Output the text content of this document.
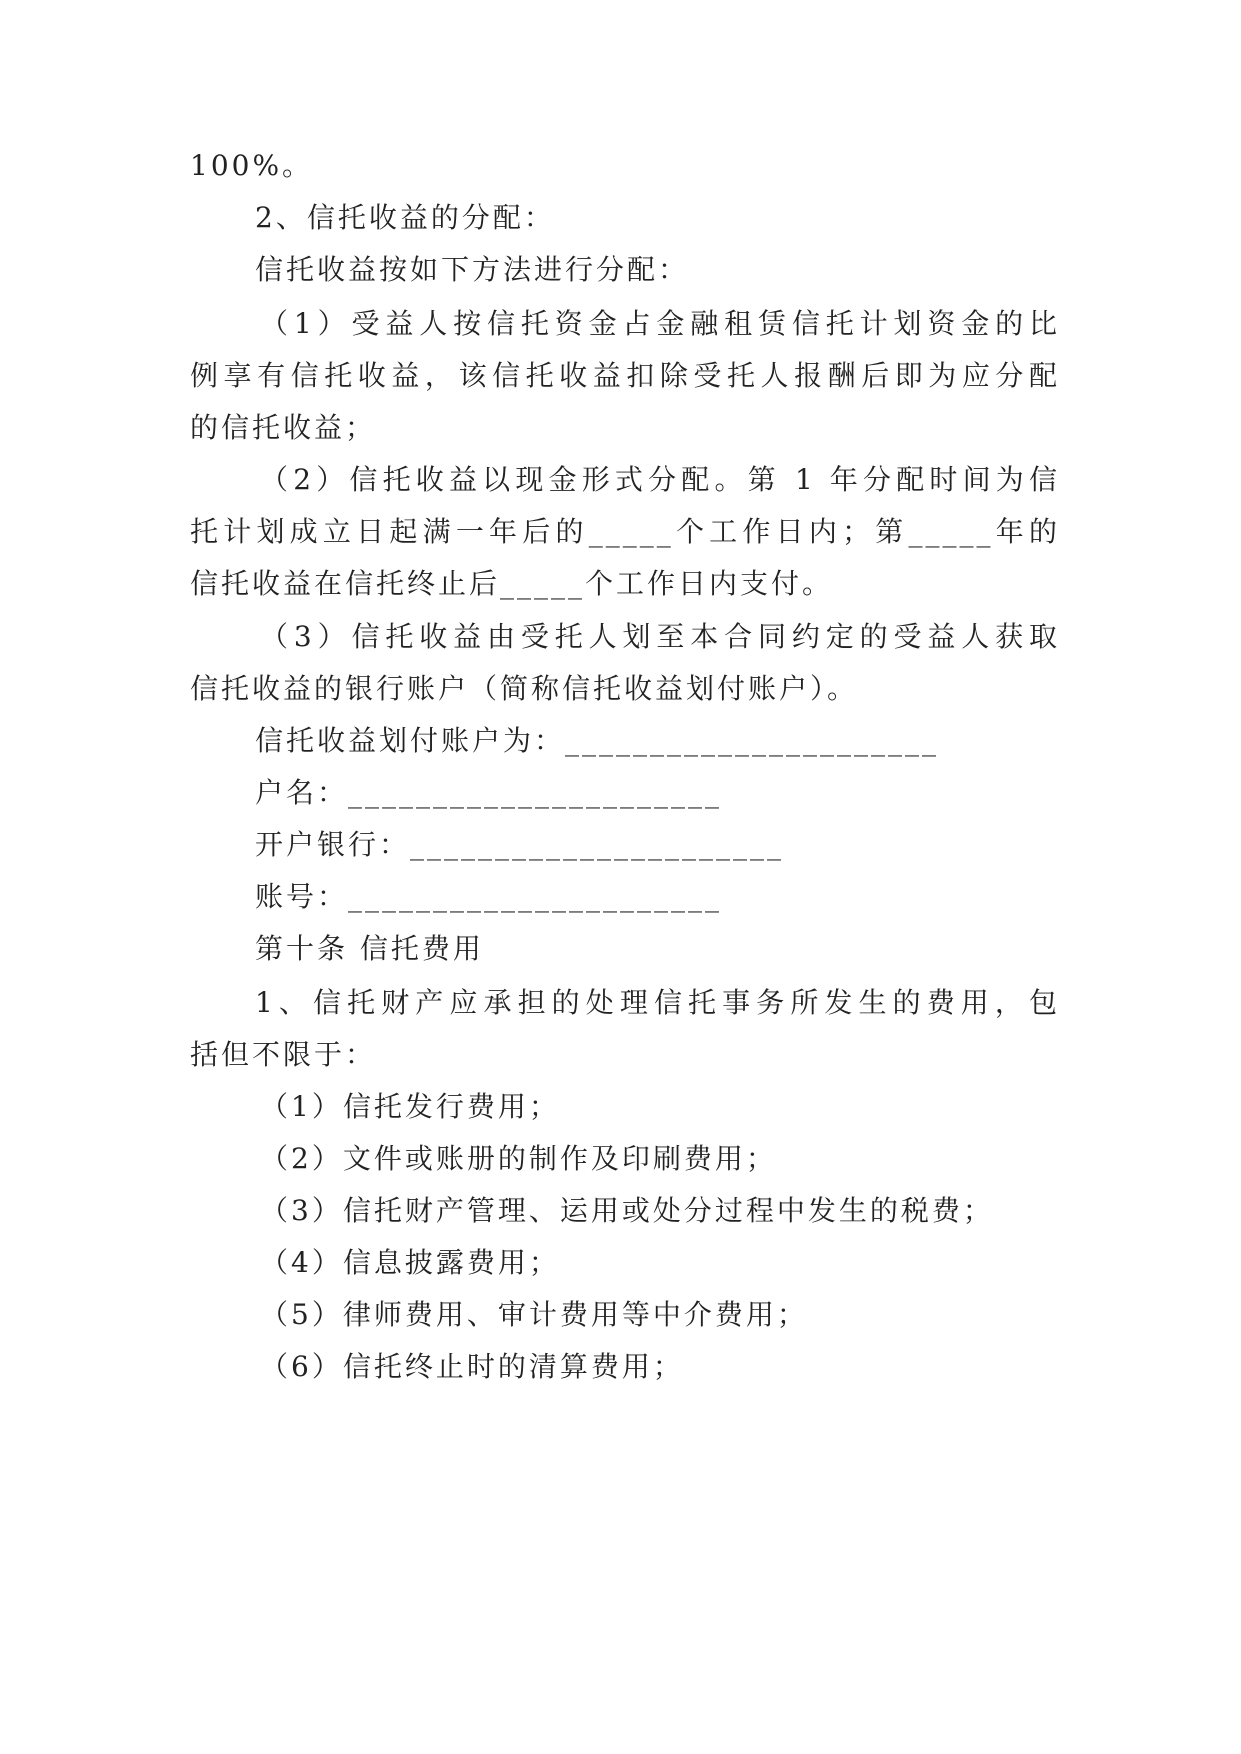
100%。
2、信托收益的分配：
信托收益按如下方法进行分配：
（1）受益人按信托资金占金融租赁信托计划资金的比
例享有信托收益，该信托收益扣除受托人报酬后即为应分配
的信托收益；
（2）信托收益以现金形式分配。第 1 年分配时间为信
托计划成立日起满一年后的_____个工作日内；第_____年的
信托收益在信托终止后_____个工作日内支付。
（3）信托收益由受托人划至本合同约定的受益人获取
信托收益的银行账户（简称信托收益划付账户）。
信托收益划付账户为：______________________
户名：______________________
开户银行：______________________
账号：______________________
第十条 信托费用
1、信托财产应承担的处理信托事务所发生的费用，包
括但不限于：
（1）信托发行费用；
（2）文件或账册的制作及印刷费用；
（3）信托财产管理、运用或处分过程中发生的税费；
（4）信息披露费用；
（5）律师费用、审计费用等中介费用；
（6）信托终止时的清算费用；
